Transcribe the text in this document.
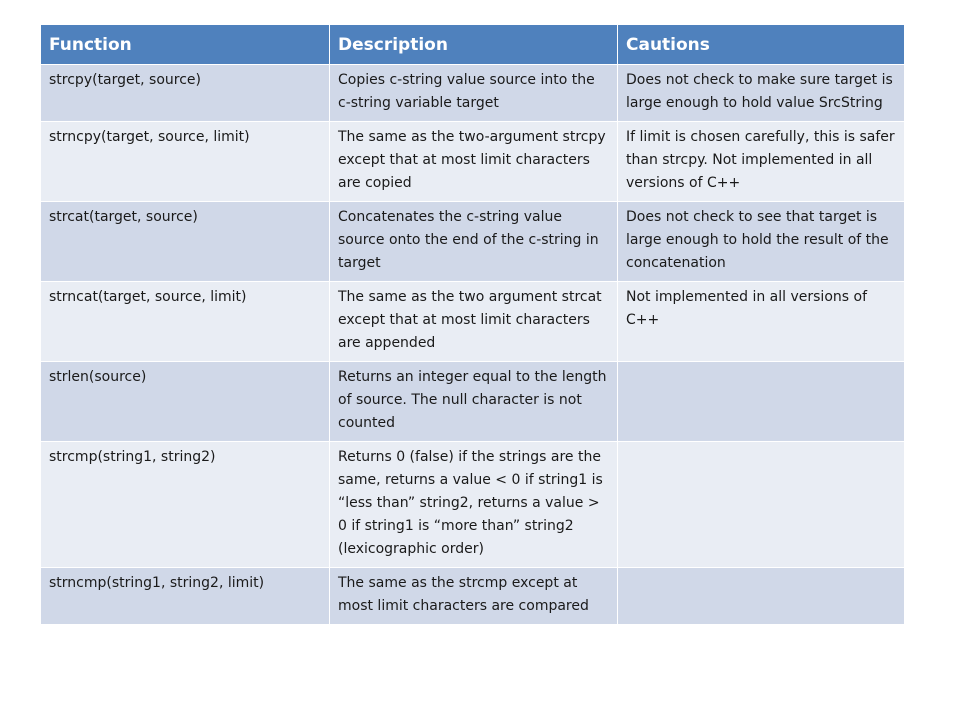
Function	Description	Cautions
strcpy(target, source)	Copies c-string value source into the c-string variable target	Does not check to make sure target is large enough to hold value SrcString
strncpy(target, source, limit)	The same as the two-argument strcpy except that at most limit characters are copied	If limit is chosen carefully, this is safer than strcpy. Not implemented in all versions of C++
strcat(target, source)	Concatenates the c-string value source onto the end of the c-string in target	Does not check to see that target is large enough to hold the result of the concatenation
strncat(target, source, limit)	The same as the two argument strcat except that at most limit characters are appended	Not implemented in all versions of C++
strlen(source)	Returns an integer equal to the length of source. The null character is not counted	
strcmp(string1, string2)	Returns 0 (false) if the strings are the same, returns a value < 0 if string1 is “less than” string2, returns a value > 0 if string1 is “more than” string2 (lexicographic order)	
strncmp(string1, string2, limit)	The same as the strcmp except at most limit characters are compared	
